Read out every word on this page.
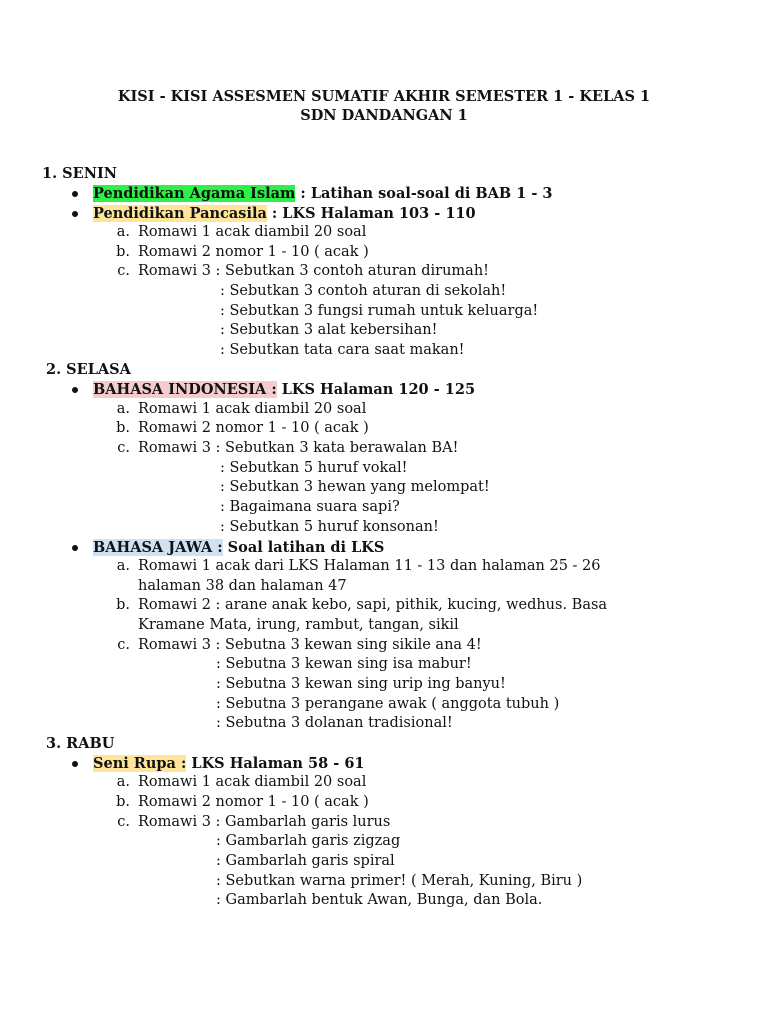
KISI - KISI ASSESMEN SUMATIF AKHIR SEMESTER 1 - KELAS 1
SDN DANDANGAN 1
1. SENIN
Pendidikan Agama Islam : Latihan soal-soal di BAB 1 - 3
Pendidikan Pancasila : LKS Halaman 103 - 110
a. Romawi 1 acak diambil 20 soal
b. Romawi 2 nomor 1 - 10 ( acak )
c. Romawi 3 : Sebutkan 3 contoh aturan dirumah!
: Sebutkan 3 contoh aturan di sekolah!
: Sebutkan 3 fungsi rumah untuk keluarga!
: Sebutkan 3 alat kebersihan!
: Sebutkan tata cara saat makan!
2. SELASA
BAHASA INDONESIA : LKS Halaman 120 - 125
a. Romawi 1 acak diambil 20 soal
b. Romawi 2 nomor 1 - 10 ( acak )
c. Romawi 3 : Sebutkan 3 kata berawalan BA!
: Sebutkan 5 huruf vokal!
: Sebutkan 3 hewan yang melompat!
: Bagaimana suara sapi?
: Sebutkan 5 huruf konsonan!
BAHASA JAWA : Soal latihan di LKS
a. Romawi 1 acak dari LKS Halaman 11 - 13 dan halaman 25 - 26
halaman 38 dan halaman 47
b. Romawi 2 : arane anak kebo, sapi, pithik, kucing, wedhus. Basa
Kramane Mata, irung, rambut, tangan, sikil
c. Romawi 3 : Sebutna 3 kewan sing sikile ana 4!
: Sebutna 3 kewan sing isa mabur!
: Sebutna 3 kewan sing urip ing banyu!
: Sebutna 3 perangane awak ( anggota tubuh )
: Sebutna 3 dolanan tradisional!
3. RABU
Seni Rupa : LKS Halaman 58 - 61
a. Romawi 1 acak diambil 20 soal
b. Romawi 2 nomor 1 - 10 ( acak )
c. Romawi 3 : Gambarlah garis lurus
: Gambarlah garis zigzag
: Gambarlah garis spiral
: Sebutkan warna primer! ( Merah, Kuning, Biru )
: Gambarlah bentuk Awan, Bunga, dan Bola.
